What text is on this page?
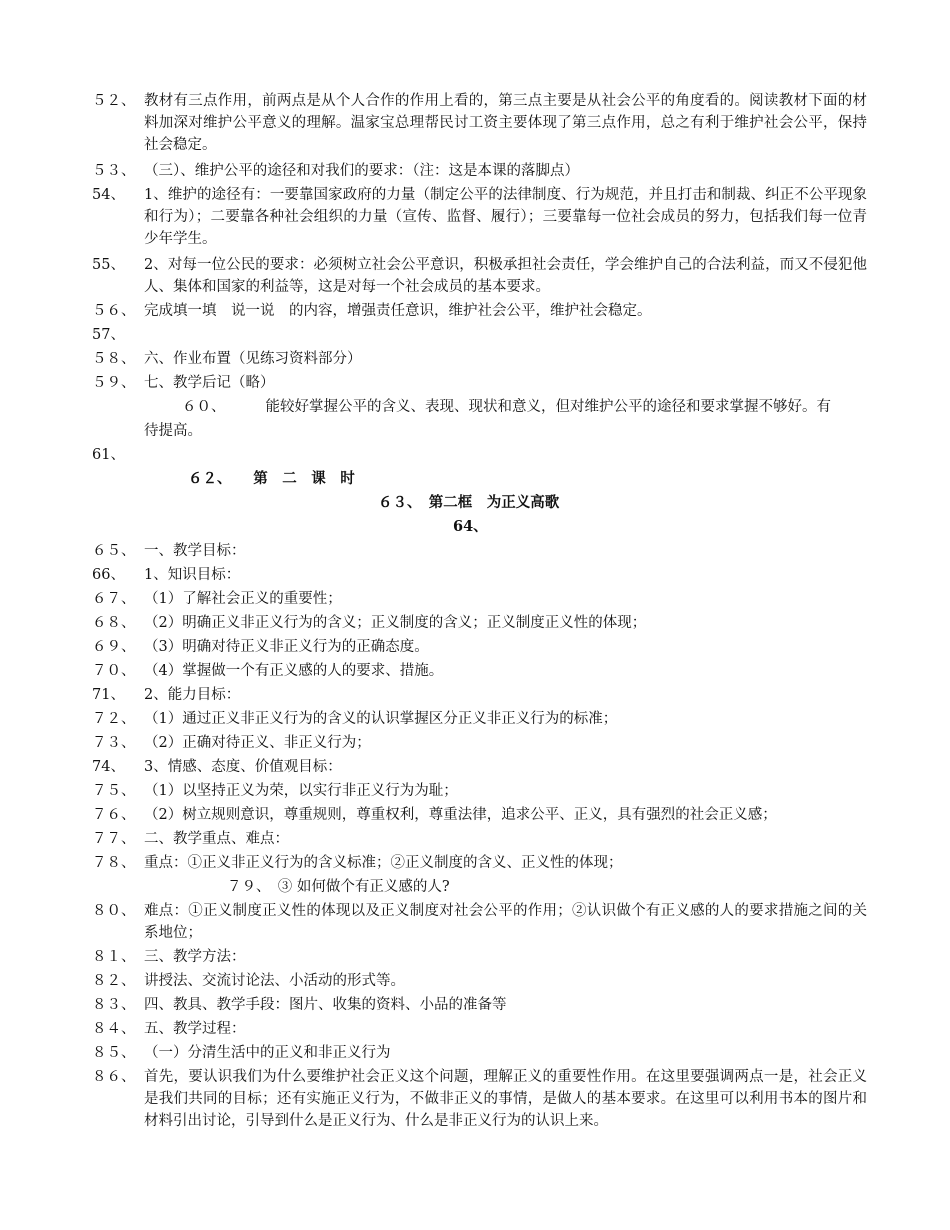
５２、 教材有三点作用，前两点是从个人合作的作用上看的，第三点主要是从社会公平的角度看的。阅读教材下面的材料加深对维护公平意义的理解。温家宝总理帮民讨工资主要体现了第三点作用，总之有利于维护社会公平，保持社会稳定。
５３、 （三）、维护公平的途径和对我们的要求：（注：这是本课的落脚点）
54、 1、维护的途径有：一要靠国家政府的力量（制定公平的法律制度、行为规范，并且打击和制裁、纠正不公平现象和行为）；二要靠各种社会组织的力量（宣传、监督、履行）；三要靠每一位社会成员的努力，包括我们每一位青少年学生。
55、 2、对每一位公民的要求：必须树立社会公平意识，积极承担社会责任，学会维护自己的合法利益，而又不侵犯他人、集体和国家的利益等，这是对每一个社会成员的基本要求。
５６、 完成填一填　说一说　的内容，增强责任意识，维护社会公平，维护社会稳定。
57、
５８、 六、作业布置（见练习资料部分）
５９、 七、教学后记（略）
６０、	能较好掌握公平的含义、表现、现状和意义，但对维护公平的途径和要求掌握不够好。有
待提高。
61、
６２、　　第　二　课　时
６３、　第二框　为正义高歌
64、
６５、 一、教学目标：
66、 1、知识目标：
６７、 （1）了解社会正义的重要性；
６８、 （2）明确正义非正义行为的含义；正义制度的含义；正义制度正义性的体现；
６９、 （3）明确对待正义非正义行为的正确态度。
７０、 （4）掌握做一个有正义感的人的要求、措施。
71、 2、能力目标：
７２、 （1）通过正义非正义行为的含义的认识掌握区分正义非正义行为的标准；
７３、 （2）正确对待正义、非正义行为；
74、 3、情感、态度、价值观目标：
７５、 （1）以坚持正义为荣，以实行非正义行为为耻；
７６、 （2）树立规则意识，尊重规则，尊重权利，尊重法律，追求公平、正义，具有强烈的社会正义感；
７７、 二、教学重点、难点：
７８、 重点：①正义非正义行为的含义标准；②正义制度的含义、正义性的体现；
７９、　③ 如何做个有正义感的人?
８０、 难点：①正义制度正义性的体现以及正义制度对社会公平的作用；②认识做个有正义感的人的要求措施之间的关系地位；
８１、 三、教学方法：
８２、 讲授法、交流讨论法、小活动的形式等。
８３、 四、教具、教学手段：图片、收集的资料、小品的准备等
８４、 五、教学过程：
８５、 （一）分清生活中的正义和非正义行为
８６、 首先，要认识我们为什么要维护社会正义这个问题，理解正义的重要性作用。在这里要强调两点一是，社会正义是我们共同的目标；还有实施正义行为，不做非正义的事情，是做人的基本要求。在这里可以利用书本的图片和材料引出讨论，引导到什么是正义行为、什么是非正义行为的认识上来。
